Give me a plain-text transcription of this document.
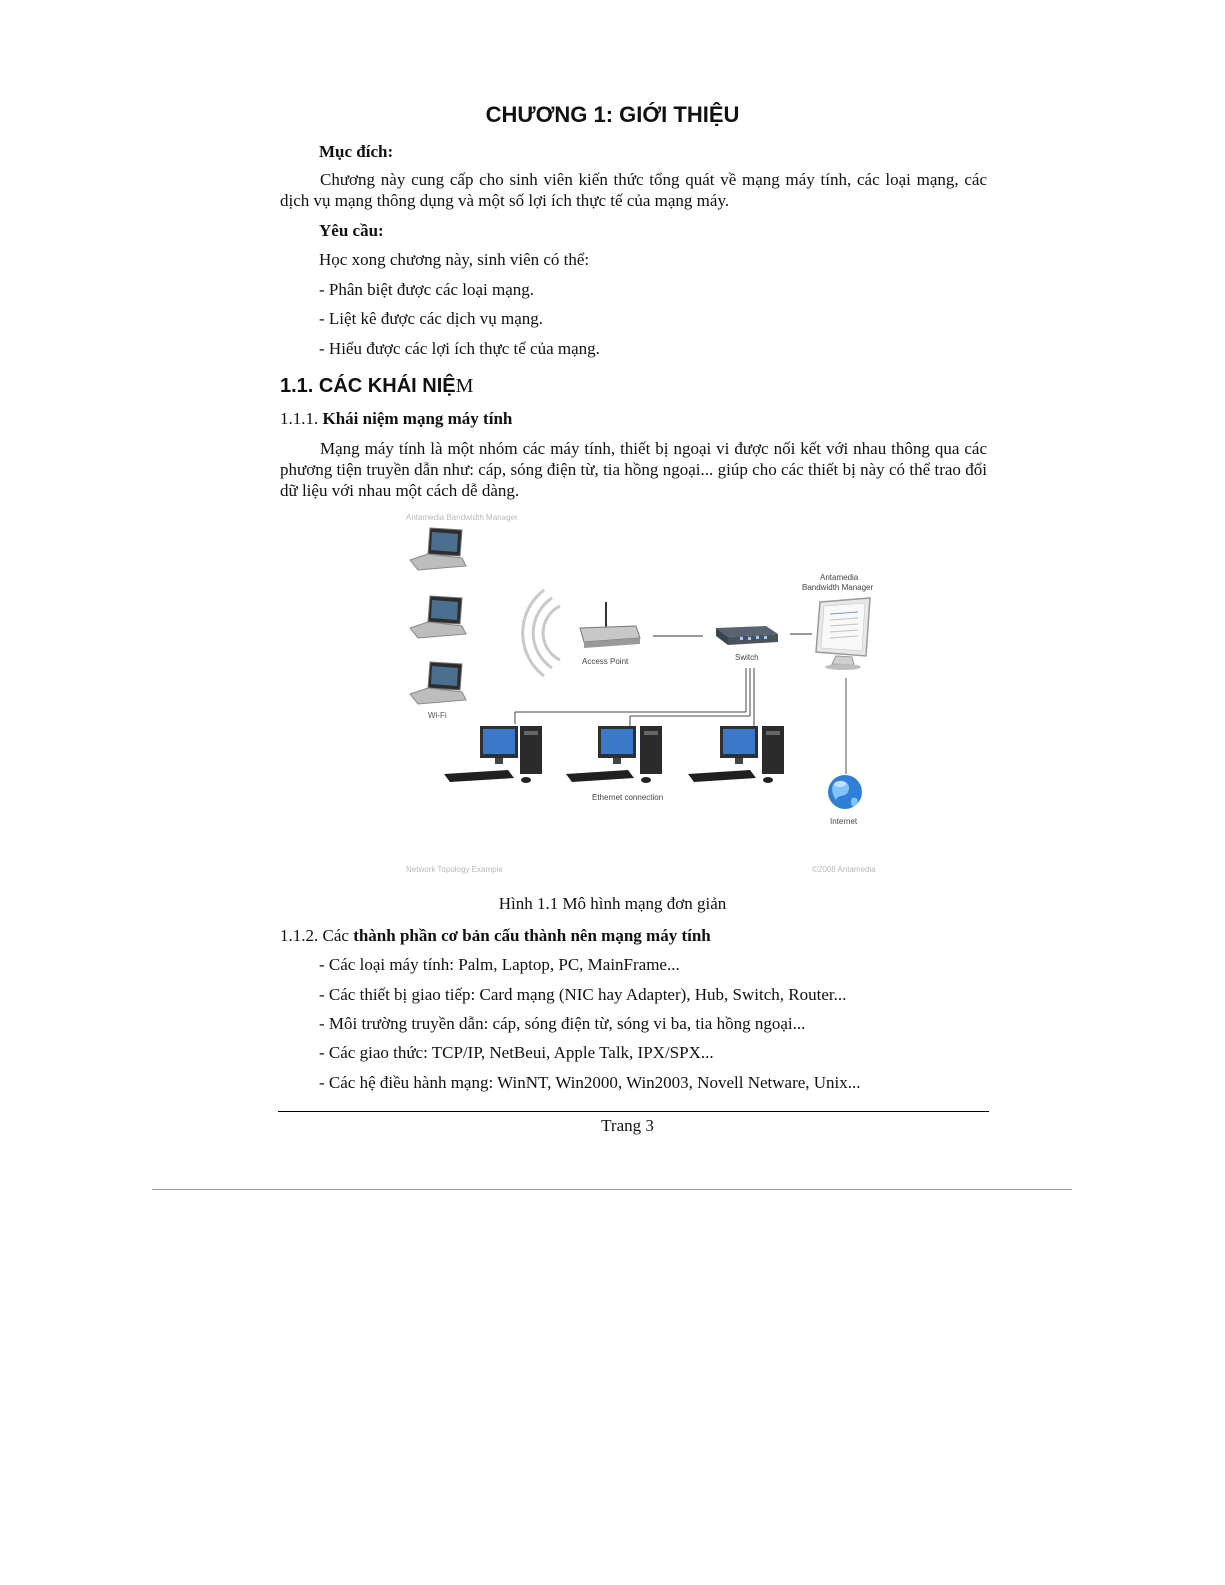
CHƯƠNG 1: GIỚI THIỆU
Mục đích:
Chương này cung cấp cho sinh viên kiến thức tổng quát về mạng máy tính, các loại mạng, các dịch vụ mạng thông dụng và một số lợi ích thực tế của mạng máy.
Yêu cầu:
Học xong chương này, sinh viên có thể:
- Phân biệt được các loại mạng.
- Liệt kê được các dịch vụ mạng.
- Hiểu được các lợi ích thực tế của mạng.
1.1. CÁC KHÁI NIỆM
1.1.1. Khái niệm mạng máy tính
Mạng máy tính là một nhóm các máy tính, thiết bị ngoại vi được nối kết với nhau thông qua các phương tiện truyền dẫn như: cáp, sóng điện từ, tia hồng ngoại... giúp cho các thiết bị này có thể trao đổi dữ liệu với nhau một cách dễ dàng.
Antamedia Bandwidth Manager
Wi-Fi
Access Point	Switch
Antamedia
Bandwidth Manager
Ethernet connection
Internet
Network Topology Example	©2008 Antamedia
Hình 1.1 Mô hình mạng đơn giản
1.1.2. Các thành phần cơ bản cấu thành nên mạng máy tính
- Các loại máy tính: Palm, Laptop, PC, MainFrame...
- Các thiết bị giao tiếp: Card mạng (NIC hay Adapter), Hub, Switch, Router...
- Môi trường truyền dẫn: cáp, sóng điện từ, sóng vi ba, tia hồng ngoại...
- Các giao thức: TCP/IP, NetBeui, Apple Talk, IPX/SPX...
- Các hệ điều hành mạng: WinNT, Win2000, Win2003, Novell Netware, Unix...
Trang 3
